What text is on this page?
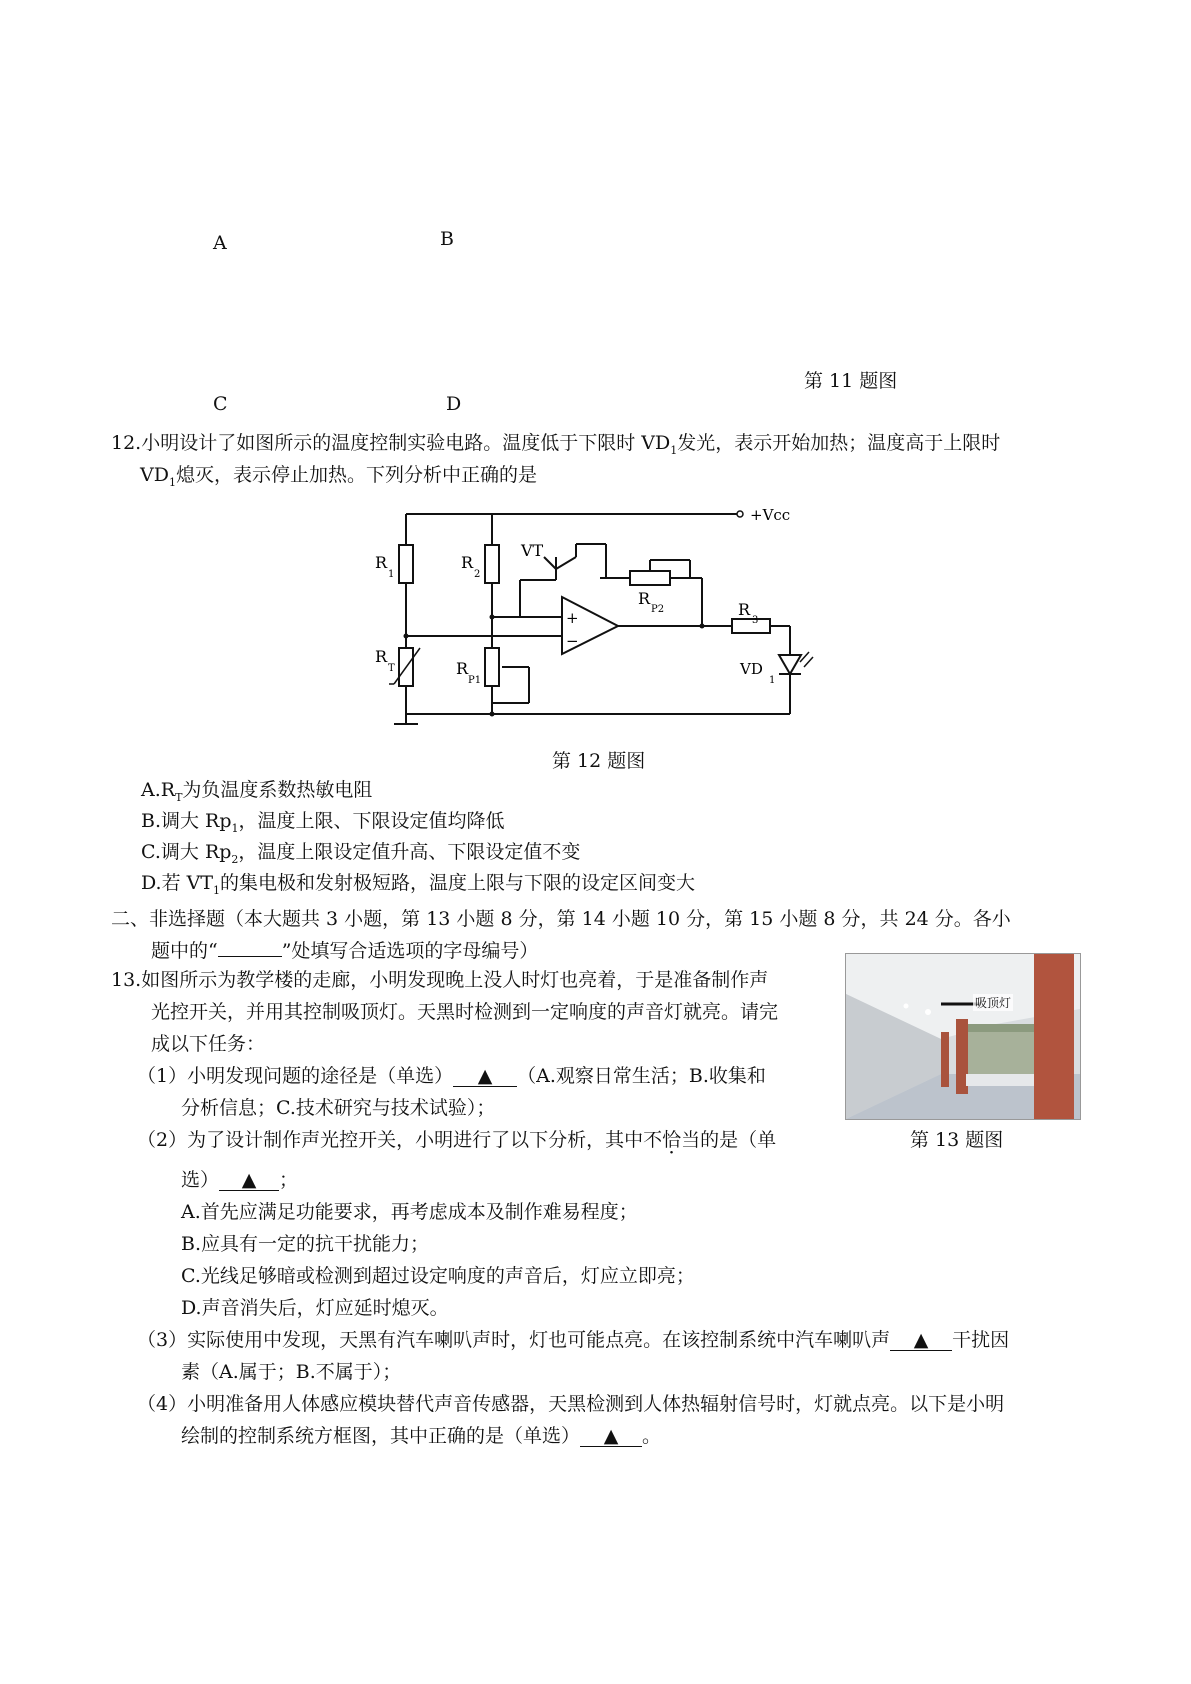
A	B
第 11 题图
C	D
12.小明设计了如图所示的温度控制实验电路。温度低于下限时 $VD_1$发光，表示开始加热；温度高于上限时
$VD_1$熄灭，表示停止加热。下列分析中正确的是
+Vcc
R
1
R
2
VT
R
P2	R
3
R
T	R
P1
VD
1
+
−
第 12 题图
$A.R_T$为负温度系数热敏电阻
B.调大 $Rp_1$，温度上限、下限设定值均降低
C.调大 $Rp_2$，温度上限设定值升高、下限设定值不变
D.若 $VT_1$的集电极和发射极短路，温度上限与下限的设定区间变大
二、非选择题（本大题共 3 小题，第 13 小题 8 分，第 14 小题 10 分，第 15 小题 8 分，共 24 分。各小
题中的“	”处填写合适选项的字母编号）
吸顶灯
第 13 题图
13.如图所示为教学楼的走廊，小明发现晚上没人时灯也亮着，于是准备制作声
光控开关，并用其控制吸顶灯。天黑时检测到一定响度的声音灯就亮。请完
成以下任务：
（1）小明发现问题的途径是（单选） ▲ （A.观察日常生活；B.收集和
分析信息；C.技术研究与技术试验）；
（2）为了设计制作声光控开关，小明进行了以下分析，其中不恰当的是（单
选） ▲ ；
A.首先应满足功能要求，再考虑成本及制作难易程度；
B.应具有一定的抗干扰能力；
C.光线足够暗或检测到超过设定响度的声音后，灯应立即亮；
D.声音消失后，灯应延时熄灭。
（3）实际使用中发现，天黑有汽车喇叭声时，灯也可能点亮。在该控制系统中汽车喇叭声 ▲ 干扰因
素（A.属于；B.不属于）；
（4）小明准备用人体感应模块替代声音传感器，天黑检测到人体热辐射信号时，灯就点亮。以下是小明
绘制的控制系统方框图，其中正确的是（单选） ▲ 。
